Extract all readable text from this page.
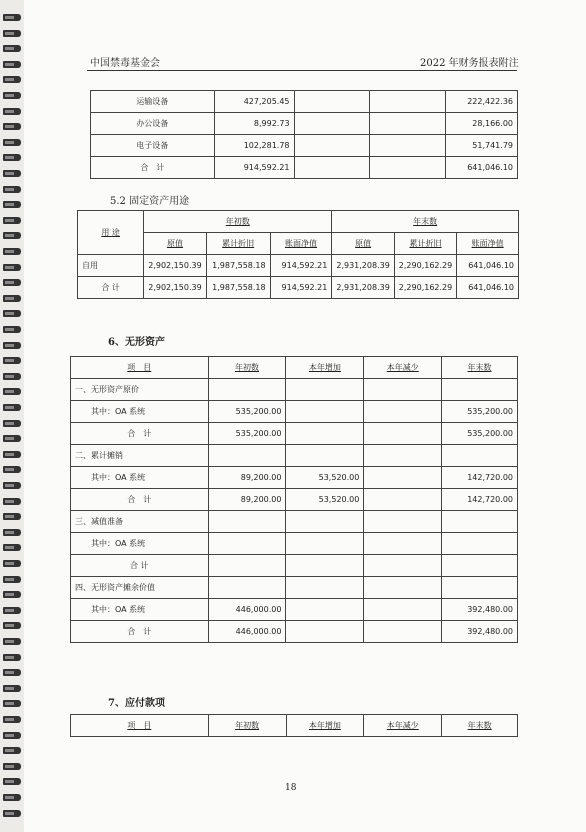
中国禁毒基金会	2022 年财务报表附注
运输设备	427,205.45			222,422.36
办公设备	8,992.73			28,166.00
电子设备	102,281.78			51,741.79
合　计	914,592.21			641,046.10
5.2 固定资产用途
用 途	年初数			年末数		
	原值	累计折旧	账面净值	原值	累计折旧	账面净值
自用	2,902,150.39	1,987,558.18	914,592.21	2,931,208.39	2,290,162.29	641,046.10
合 计	2,902,150.39	1,987,558.18	914,592.21	2,931,208.39	2,290,162.29	641,046.10
6、无形资产
项　目	年初数	本年增加	本年减少	年末数
一、无形资产原价				
其中：OA 系统	535,200.00			535,200.00
合　计	535,200.00			535,200.00
二、累计摊销				
其中：OA 系统	89,200.00	53,520.00		142,720.00
合　计	89,200.00	53,520.00		142,720.00
三、减值准备				
其中：OA 系统				
合 计				
四、无形资产摊余价值				
其中：OA 系统	446,000.00			392,480.00
合　计	446,000.00			392,480.00
7、应付款项
项　目	年初数	本年增加	本年减少	年末数
18
